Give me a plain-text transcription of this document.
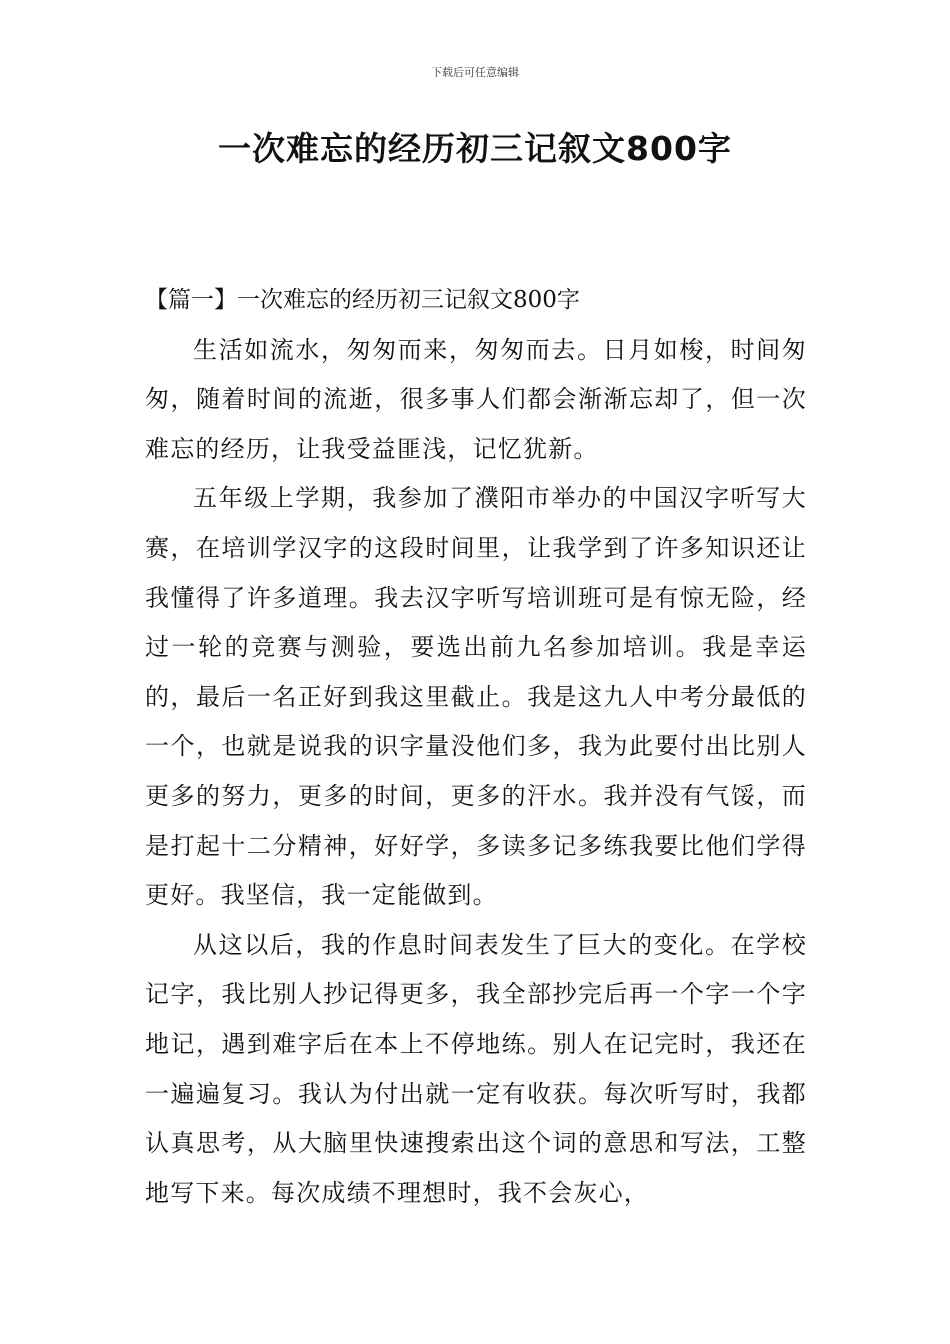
下载后可任意编辑
一次难忘的经历初三记叙文800字

【篇一】一次难忘的经历初三记叙文800字

生活如流水，匆匆而来，匆匆而去。日月如梭，时间匆匆，随着时间的流逝，很多事人们都会渐渐忘却了，但一次难忘的经历，让我受益匪浅，记忆犹新。

五年级上学期，我参加了濮阳市举办的中国汉字听写大赛，在培训学汉字的这段时间里，让我学到了许多知识还让我懂得了许多道理。我去汉字听写培训班可是有惊无险，经过一轮的竞赛与测验，要选出前九名参加培训。我是幸运的，最后一名正好到我这里截止。我是这九人中考分最低的一个，也就是说我的识字量没他们多，我为此要付出比别人更多的努力，更多的时间，更多的汗水。我并没有气馁，而是打起十二分精神，好好学，多读多记多练我要比他们学得更好。我坚信，我一定能做到。

从这以后，我的作息时间表发生了巨大的变化。在学校记字，我比别人抄记得更多，我全部抄完后再一个字一个字地记，遇到难字后在本上不停地练。别人在记完时，我还在一遍遍复习。我认为付出就一定有收获。每次听写时，我都认真思考，从大脑里快速搜索出这个词的意思和写法，工整地写下来。每次成绩不理想时，我不会灰心，
